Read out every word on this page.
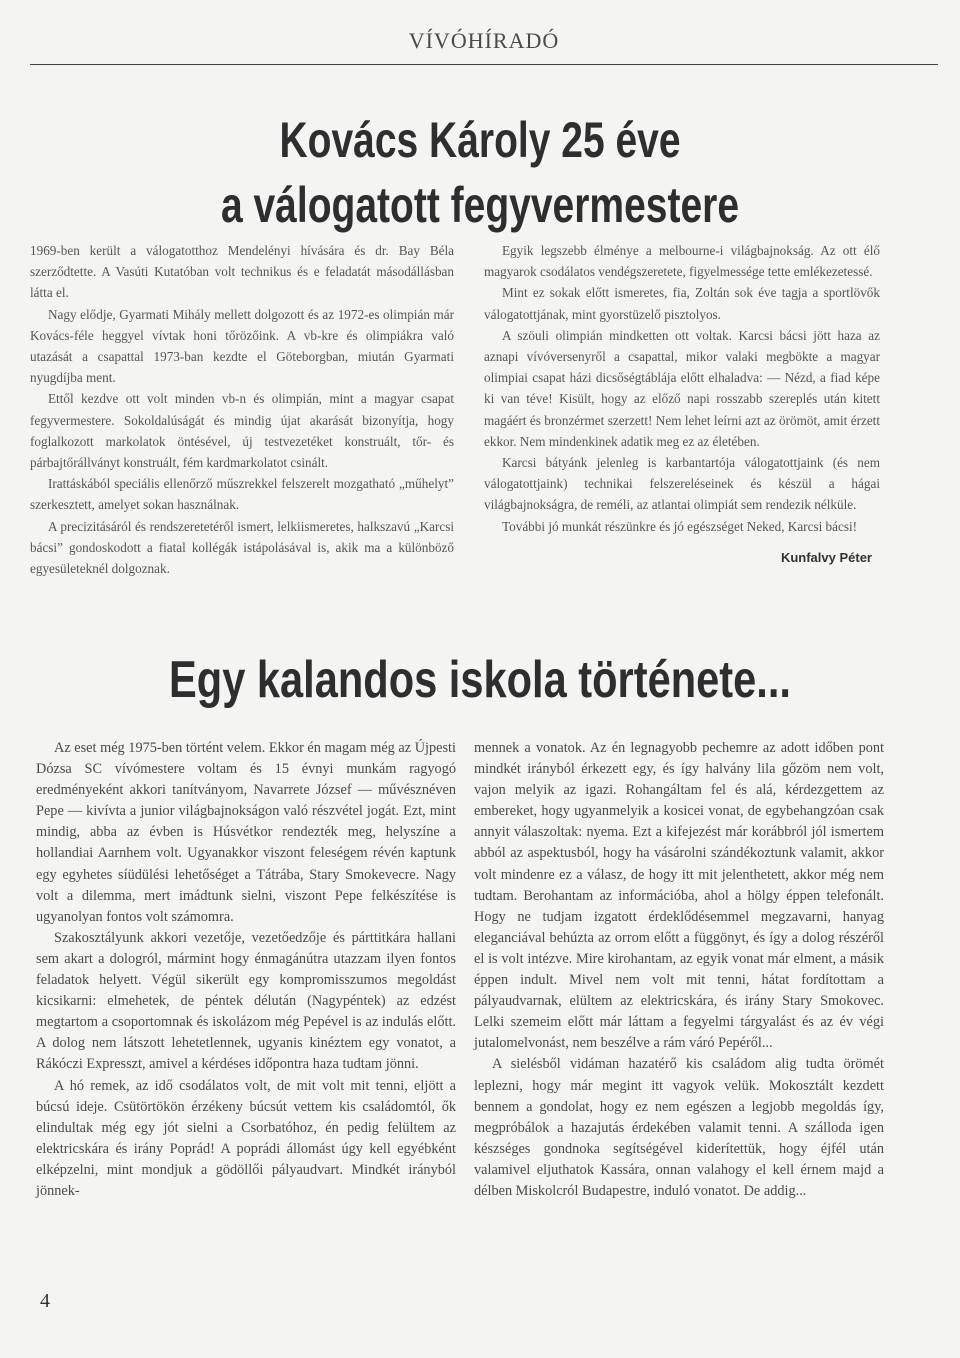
VÍVÓHÍRADÓ
Kovács Károly 25 éve
a válogatott fegyvermestere

1969-ben került a válogatotthoz Mendelényi hívására és dr. Bay Béla szerződtette. A Vasúti Kutatóban volt technikus és e feladatát másodállásban látta el.

Nagy elődje, Gyarmati Mihály mellett dolgozott és az 1972-es olimpián már Kovács-féle heggyel vívtak honi tőrözőink. A vb-kre és olimpiákra való utazását a csapattal 1973-ban kezdte el Göteborgban, miután Gyarmati nyugdíjba ment.

Ettől kezdve ott volt minden vb-n és olimpián, mint a magyar csapat fegyvermestere. Sokoldalúságát és mindig újat akarását bizonyítja, hogy foglalkozott markolatok öntésével, új testvezetéket konstruált, tőr- és párbajtőrállványt konstruált, fém kardmarkolatot csinált.

Irattáskából speciális ellenőrző műszrekkel felszerelt mozgatható „műhelyt” szerkesztett, amelyet sokan használnak.

A precizitásáról és rendszeretetéről ismert, lelkiismeretes, halkszavú „Karcsi bácsi” gondoskodott a fiatal kollégák istápolásával is, akik ma a különböző egyesületeknél dolgoznak.

Egyik legszebb élménye a melbourne-i világbajnokság. Az ott élő magyarok csodálatos vendégszeretete, figyelmessége tette emlékezetessé.

Mint ez sokak előtt ismeretes, fia, Zoltán sok éve tagja a sportlövők válogatottjának, mint gyorstüzelő pisztolyos.

A szöuli olimpián mindketten ott voltak. Karcsi bácsi jött haza az aznapi vívóversenyről a csapattal, mikor valaki megbökte a magyar olimpiai csapat házi dicsőségtáblája előtt elhaladva: — Nézd, a fiad képe ki van téve! Kisült, hogy az előző napi rosszabb szereplés után kitett magáért és bronzérmet szerzett! Nem lehet leírni azt az örömöt, amit érzett ekkor. Nem mindenkinek adatik meg ez az életében.

Karcsi bátyánk jelenleg is karbantartója válogatottjaink (és nem válogatottjaink) technikai felszereléseinek és készül a hágai világbajnokságra, de reméli, az atlantai olimpiát sem rendezik nélküle.

További jó munkát részünkre és jó egészséget Neked, Karcsi bácsi!

Kunfalvy Péter
Egy kalandos iskola története...

Az eset még 1975-ben történt velem. Ekkor én magam még az Újpesti Dózsa SC vívómestere voltam és 15 évnyi munkám ragyogó eredményeként akkori tanítványom, Navarrete József — művésznéven Pepe — kivívta a junior világbajnokságon való részvétel jogát. Ezt, mint mindig, abba az évben is Húsvétkor rendezték meg, helyszíne a hollandiai Aarnhem volt. Ugyanakkor viszont feleségem révén kaptunk egy egyhetes síüdülési lehetőséget a Tátrába, Stary Smokevecre. Nagy volt a dilemma, mert imádtunk sielni, viszont Pepe felkészítése is ugyanolyan fontos volt számomra.

Szakosztályunk akkori vezetője, vezetőedzője és párttitkára hallani sem akart a dologról, mármint hogy énmagánútra utazzam ilyen fontos feladatok helyett. Végül sikerült egy kompromisszumos megoldást kicsikarni: elmehetek, de péntek délután (Nagypéntek) az edzést megtartom a csoportomnak és iskolázom még Pepével is az indulás előtt. A dolog nem látszott lehetetlennek, ugyanis kinéztem egy vonatot, a Rákóczi Expresszt, amivel a kérdéses időpontra haza tudtam jönni.

A hó remek, az idő csodálatos volt, de mit volt mit tenni, eljött a búcsú ideje. Csütörtökön érzékeny búcsút vettem kis családomtól, ők elindultak még egy jót sielni a Csorbatóhoz, én pedig felültem az elektricskára és irány Poprád! A poprádi állomást úgy kell egyébként elképzelni, mint mondjuk a gödöllői pályaudvart. Mindkét irányból jönnek-

mennek a vonatok. Az én legnagyobb pechemre az adott időben pont mindkét irányból érkezett egy, és így halvány lila gőzöm nem volt, vajon melyik az igazi. Rohangáltam fel és alá, kérdezgettem az embereket, hogy ugyanmelyik a kosicei vonat, de egybehangzóan csak annyit válaszoltak: nyema. Ezt a kifejezést már korábbról jól ismertem abból az aspektusból, hogy ha vásárolni szándékoztunk valamit, akkor volt mindenre ez a válasz, de hogy itt mit jelenthetett, akkor még nem tudtam. Berohantam az információba, ahol a hölgy éppen telefonált. Hogy ne tudjam izgatott érdeklődésemmel megzavarni, hanyag eleganciával behúzta az orrom előtt a függönyt, és így a dolog részéről el is volt intézve. Mire kirohantam, az egyik vonat már elment, a másik éppen indult. Mivel nem volt mit tenni, hátat fordítottam a pályaudvarnak, elültem az elektricskára, és irány Stary Smokovec. Lelki szemeim előtt már láttam a fegyelmi tárgyalást és az év végi jutalomelvonást, nem beszélve a rám váró Pepéről...

A sielésből vidáman hazatérő kis családom alig tudta örömét leplezni, hogy már megint itt vagyok velük. Mokosztált kezdett bennem a gondolat, hogy ez nem egészen a legjobb megoldás így, megpróbálok a hazajutás érdekében valamit tenni. A szálloda igen készséges gondnoka segítségével kiderítettük, hogy éjfél után valamivel eljuthatok Kassára, onnan valahogy el kell érnem majd a délben Miskolcról Budapestre, induló vonatot. De addig...

4
